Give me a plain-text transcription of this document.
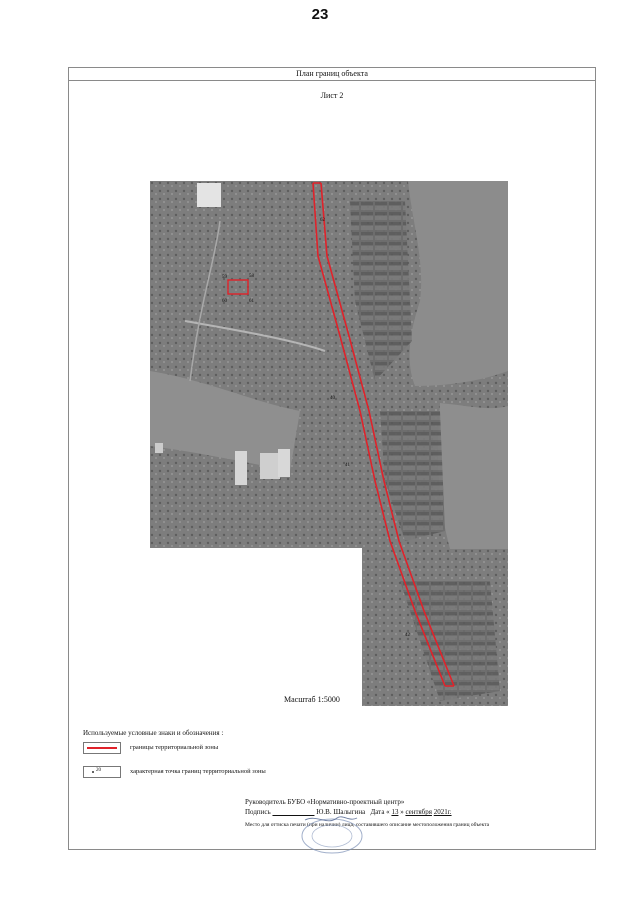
23
План границ объекта
Лист 2
59	58
60	61
62
40
41
42
Масштаб 1:5000
Используемые условные знаки и обозначения :
границы территориальной зоны
20	характерная точка границ территориальной зоны
Руководитель БУБО «Нормативно-проектный центр»
Подпись	Ю.В. Шалыгина Дата « 13 » сентября 2021г.
Место для оттиска печати (при наличии) лица, составившего описание местоположения границ объекта
